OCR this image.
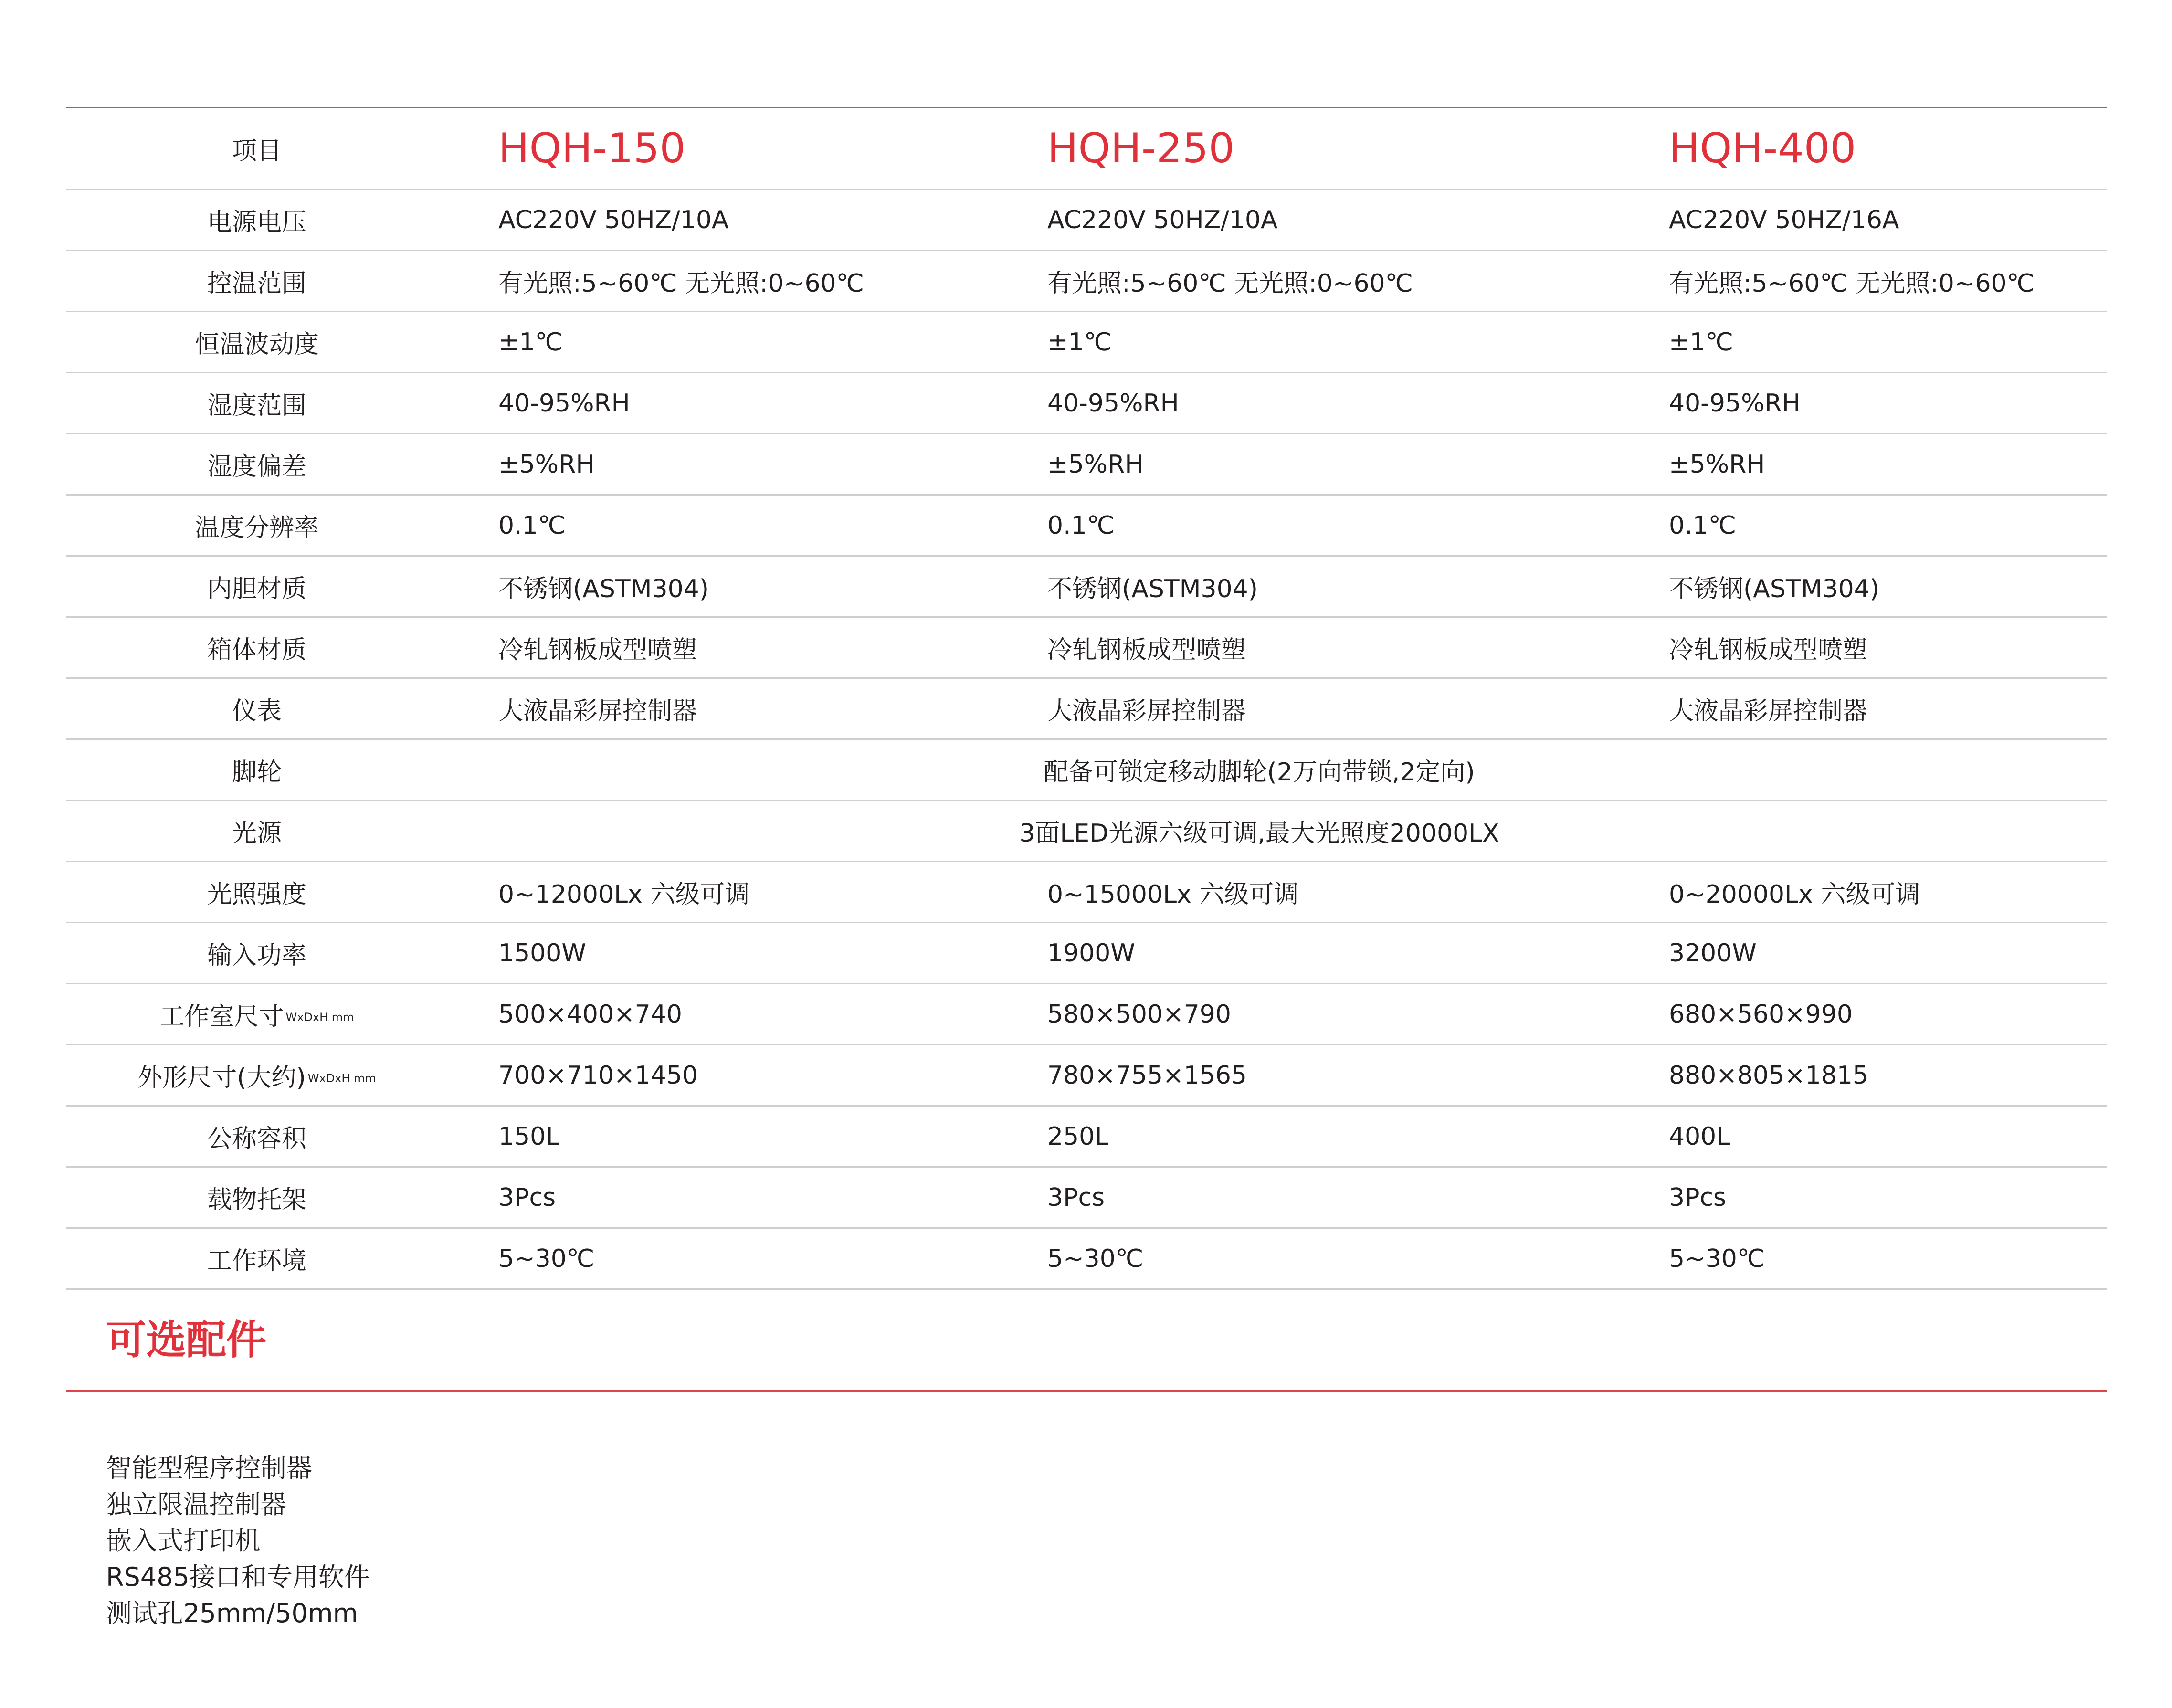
项目	HQH-150	HQH-250	HQH-400
电源电压	AC220V 50HZ/10A	AC220V 50HZ/10A	AC220V 50HZ/16A
控温范围	有光照:5~60℃ 无光照:0~60℃	有光照:5~60℃ 无光照:0~60℃	有光照:5~60℃ 无光照:0~60℃
恒温波动度	±1℃	±1℃	±1℃
湿度范围	40-95%RH	40-95%RH	40-95%RH
湿度偏差	±5%RH	±5%RH	±5%RH
温度分辨率	0.1℃	0.1℃	0.1℃
内胆材质	不锈钢(ASTM304)	不锈钢(ASTM304)	不锈钢(ASTM304)
箱体材质	冷轧钢板成型喷塑	冷轧钢板成型喷塑	冷轧钢板成型喷塑
仪表	大液晶彩屏控制器	大液晶彩屏控制器	大液晶彩屏控制器
脚轮	配备可锁定移动脚轮(2万向带锁,2定向)
光源	3面LED光源六级可调,最大光照度20000LX
光照强度	0~12000Lx 六级可调	0~15000Lx 六级可调	0~20000Lx 六级可调
输入功率	1500W	1900W	3200W
工作室尺寸 WxDxH mm	500×400×740	580×500×790	680×560×990
外形尺寸(大约) WxDxH mm	700×710×1450	780×755×1565	880×805×1815
公称容积	150L	250L	400L
载物托架	3Pcs	3Pcs	3Pcs
工作环境	5~30℃	5~30℃	5~30℃
可选配件
智能型程序控制器
独立限温控制器
嵌入式打印机
RS485接口和专用软件
测试孔25mm/50mm
